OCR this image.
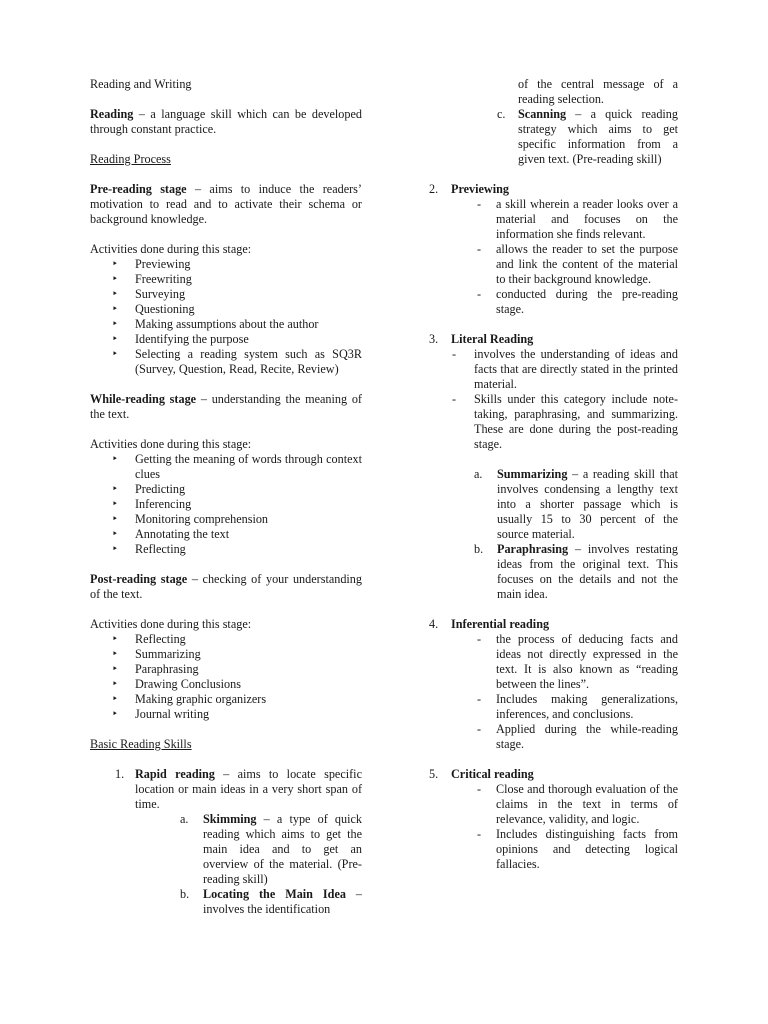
Reading and Writing

Reading – a language skill which can be developed through constant practice.

Reading Process

Pre-reading stage – aims to induce the readers’ motivation to read and to activate their schema or background knowledge.

Activities done during this stage:

‣ Previewing
‣ Freewriting
‣ Surveying
‣ Questioning
‣ Making assumptions about the author
‣ Identifying the purpose
‣ Selecting a reading system such as SQ3R (Survey, Question, Read, Recite, Review)

While-reading stage – understanding the meaning of the text.

Activities done during this stage:

‣ Getting the meaning of words through context clues
‣ Predicting
‣ Inferencing
‣ Monitoring comprehension
‣ Annotating the text
‣ Reflecting

Post-reading stage – checking of your understanding of the text.

Activities done during this stage:

‣ Reflecting
‣ Summarizing
‣ Paraphrasing
‣ Drawing Conclusions
‣ Making graphic organizers
‣ Journal writing

Basic Reading Skills

1. Rapid reading – aims to locate specific location or main ideas in a very short span of time.
a. Skimming – a type of quick reading which aims to get the main idea and to get an overview of the material. (Pre-reading skill)
b. Locating the Main Idea – involves the identification
of the central message of a reading selection.
c. Scanning – a quick reading strategy which aims to get specific information from a given text. (Pre-reading skill)
2. Previewing
- a skill wherein a reader looks over a material and focuses on the information she finds relevant.
- allows the reader to set the purpose and link the content of the material to their background knowledge.
- conducted during the pre-reading stage.
3. Literal Reading
- involves the understanding of ideas and facts that are directly stated in the printed material.
- Skills under this category include note-taking, paraphrasing, and summarizing. These are done during the post-reading stage.
a. Summarizing – a reading skill that involves condensing a lengthy text into a shorter passage which is usually 15 to 30 percent of the source material.
b. Paraphrasing – involves restating ideas from the original text. This focuses on the details and not the main idea.
4. Inferential reading
- the process of deducing facts and ideas not directly expressed in the text. It is also known as “reading between the lines”.
- Includes making generalizations, inferences, and conclusions.
- Applied during the while-reading stage.
5. Critical reading
- Close and thorough evaluation of the claims in the text in terms of relevance, validity, and logic.
- Includes distinguishing facts from opinions and detecting logical fallacies.
